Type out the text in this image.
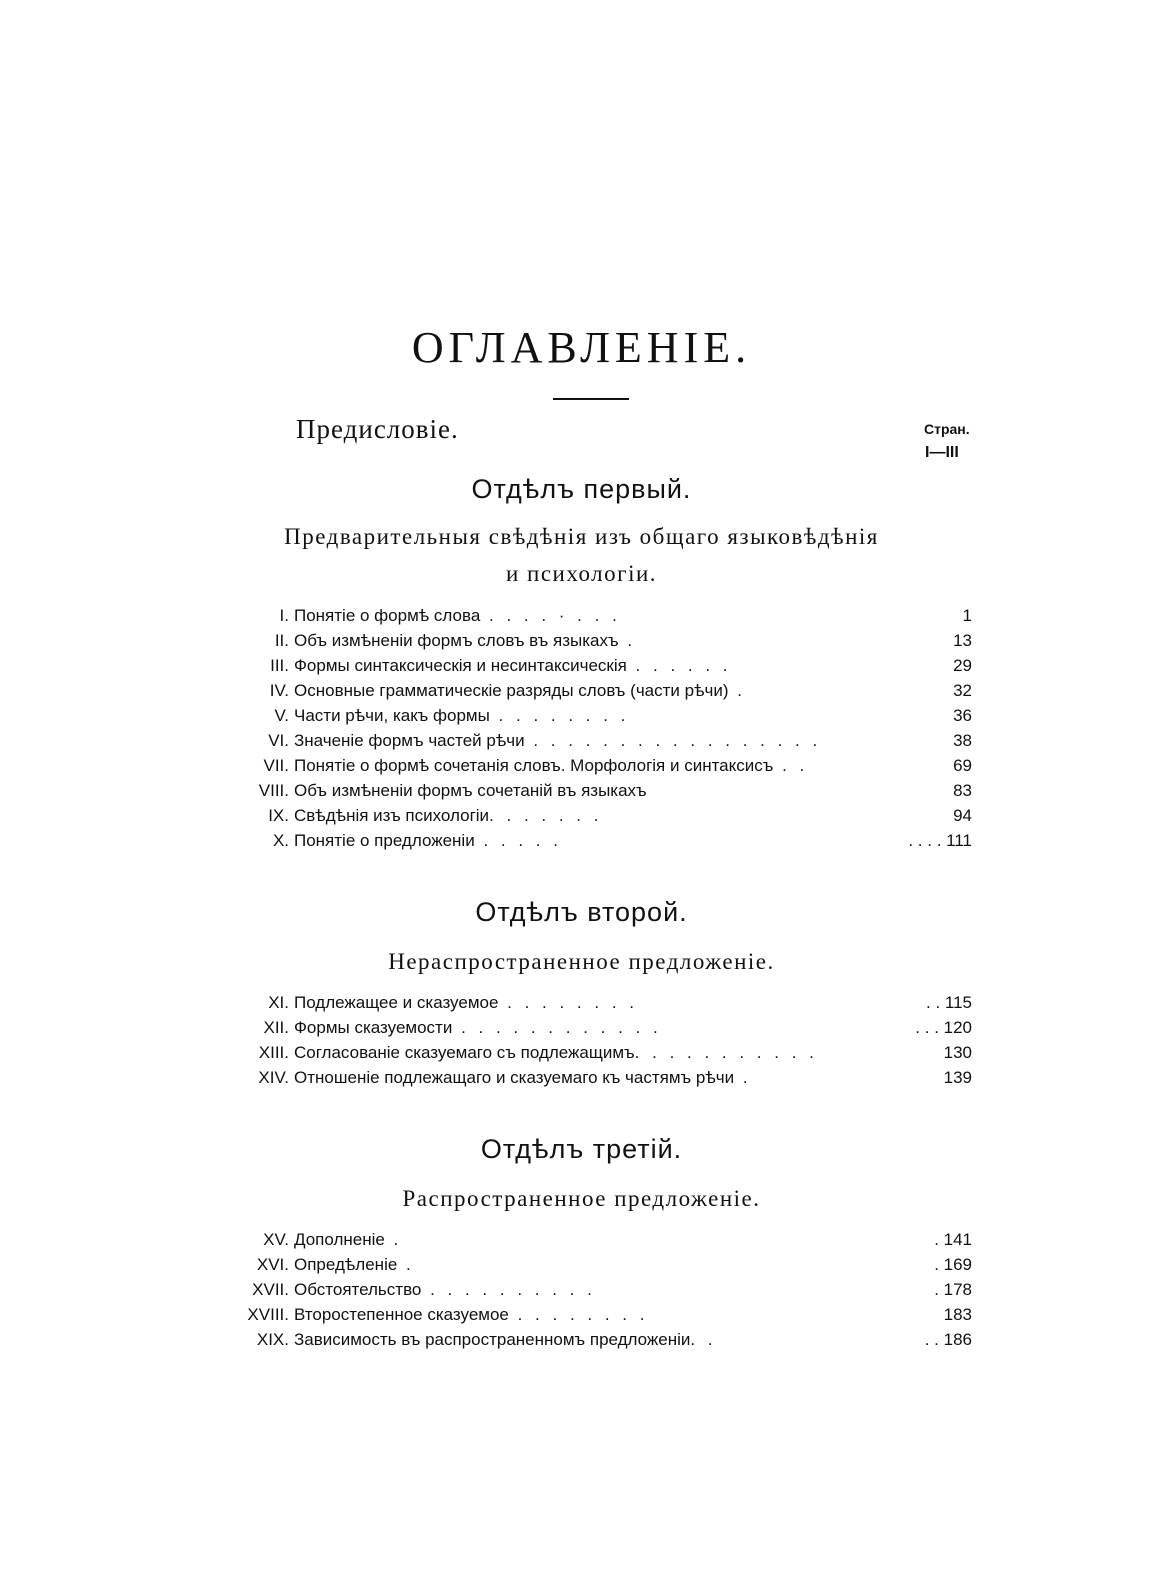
ОГЛАВЛЕНІЕ.
Предисловіе.	Стран.
I—III
Отдѣлъ первый.
Предварительныя свѣдѣнія изъ общаго языковѣдѣнія
и психологіи.
I. Понятіе о формѣ слова . . . . · . . .	1
II. Объ измѣненіи формъ словъ въ языкахъ .	13
III. Формы синтаксическія и несинтаксическія . . . . . .	29
IV. Основные грамматическіе разряды словъ (части рѣчи) .	32
V. Части рѣчи, какъ формы . . . . . . . .	36
VI. Значеніе формъ частей рѣчи . . . . . . . . . . . . . . . . .	38
VII. Понятіе о формѣ сочетанія словъ. Морфологія и синтаксисъ . .	69
VIII. Объ измѣненіи формъ сочетаній въ языкахъ	83
IX. Свѣдѣнія изъ психологіи. . . . . . .	94
X. Понятіе о предложеніи . . . . .	. . . . 111
Отдѣлъ второй.
Нераспространенное предложеніе.
XI. Подлежащее и сказуемое . . . . . . . .	. . 115
XII. Формы сказуемости . . . . . . . . . . . .	. . . 120
XIII. Согласованіе сказуемаго съ подлежащимъ. . . . . . . . . . .	130
XIV. Отношеніе подлежащаго и сказуемаго къ частямъ рѣчи .	139
Отдѣлъ третій.
Распространенное предложеніе.
XV. Дополненіе .	. 141
XVI. Опредѣленіе .	. 169
XVII. Обстоятельство . . . . . . . . . .	. 178
XVIII. Второстепенное сказуемое . . . . . . . .	183
XIX. Зависимость въ распространенномъ предложеніи. .	. . 186
